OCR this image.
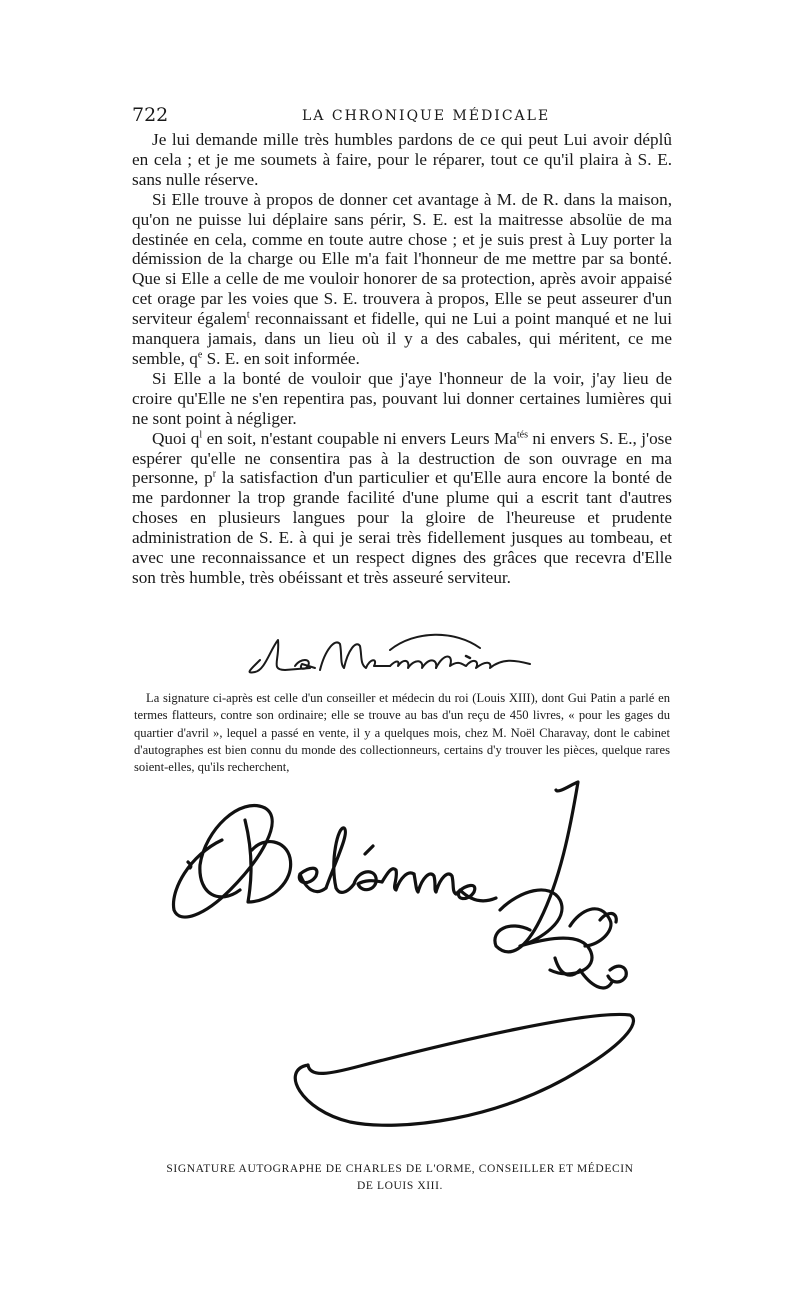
722	LA CHRONIQUE MÉDICALE

Je lui demande mille très humbles pardons de ce qui peut Lui avoir déplû en cela ; et je me soumets à faire, pour le réparer, tout ce qu'il plaira à S. E. sans nulle réserve.

Si Elle trouve à propos de donner cet avantage à M. de R. dans la maison, qu'on ne puisse lui déplaire sans périr, S. E. est la maitresse absolüe de ma destinée en cela, comme en toute autre chose ; et je suis prest à Luy porter la démission de la charge ou Elle m'a fait l'honneur de me mettre par sa bonté. Que si Elle a celle de me vouloir honorer de sa protection, après avoir appaisé cet orage par les voies que S. E. trouvera à propos, Elle se peut asseurer d'un serviteur égalem$^t$ reconnaissant et fidelle, qui ne Lui a point manqué et ne lui manquera jamais, dans un lieu où il y a des cabales, qui méritent, ce me semble, $q^e$ S. E. en soit informée.

Si Elle a la bonté de vouloir que j'aye l'honneur de la voir, j'ay lieu de croire qu'Elle ne s'en repentira pas, pouvant lui donner certaines lumières qui ne sont point à négliger.

Quoi $q^l$ en soit, n'estant coupable ni envers Leurs $Ma^{tés}$ ni envers S. E., j'ose espérer qu'elle ne consentira pas à la destruction de son ouvrage en ma personne, $p^r$ la satisfaction d'un particulier et qu'Elle aura encore la bonté de me pardonner la trop grande facilité d'une plume qui a escrit tant d'autres choses en plusieurs langues pour la gloire de l'heureuse et prudente administration de S. E. à qui je serai très fidellement jusques au tombeau, et avec une reconnaissance et un respect dignes des grâces que recevra d'Elle son très humble, très obéissant et très asseuré serviteur.

La signature ci-après est celle d'un conseiller et médecin du roi (Louis XIII), dont Gui Patin a parlé en termes flatteurs, contre son ordinaire; elle se trouve au bas d'un reçu de 450 livres, « pour les gages du quartier d'avril », lequel a passé en vente, il y a quelques mois, chez M. Noël Charavay, dont le cabinet d'autographes est bien connu du monde des collectionneurs, certains d'y trouver les pièces, quelque rares soient-elles, qu'ils recherchent,

SIGNATURE AUTOGRAPHE DE CHARLES DE L'ORME, CONSEILLER ET MÉDECIN
DE LOUIS XIII.
